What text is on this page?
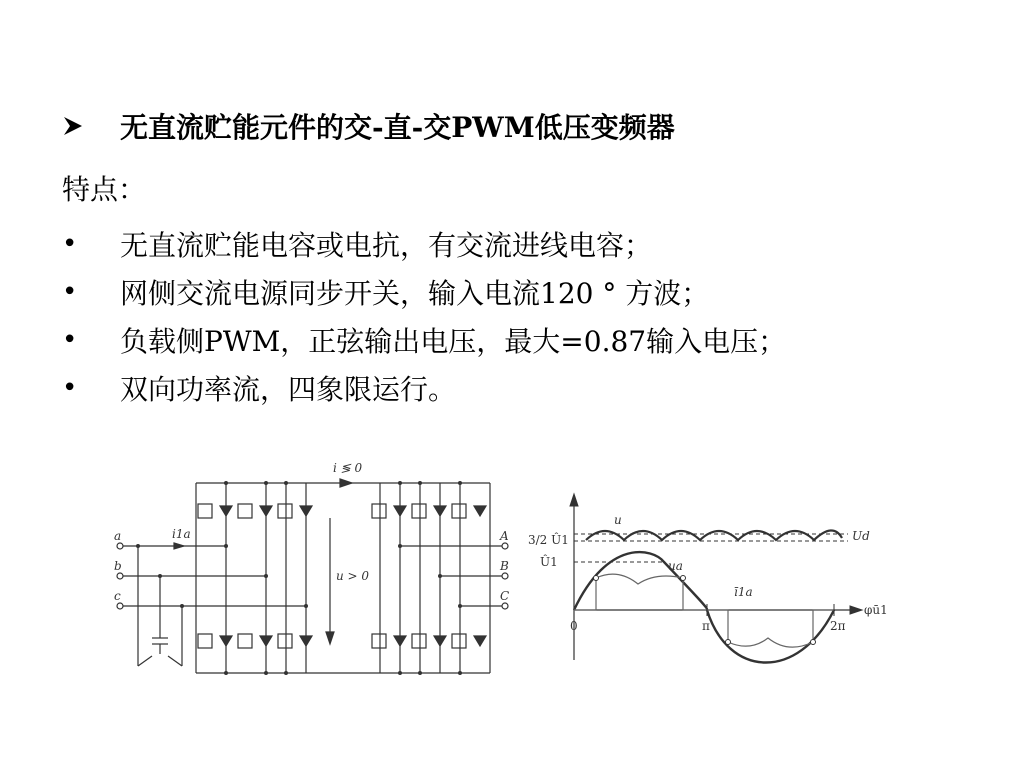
无直流贮能元件的交-直-交PWM低压变频器
特点：
•	无直流贮能电容或电抗，有交流进线电容；
•	网侧交流电源同步开关，输入电流120 ° 方波；
•	负载侧PWM，正弦输出电压，最大=0.87输入电压；
•	双向功率流，四象限运行。
i ≶ 0
u > 0
i1a
a
b
c
A
B
C
u
Ud
3/2 Û1
Û1	ua
ī1a
φū1
0	π	2π
